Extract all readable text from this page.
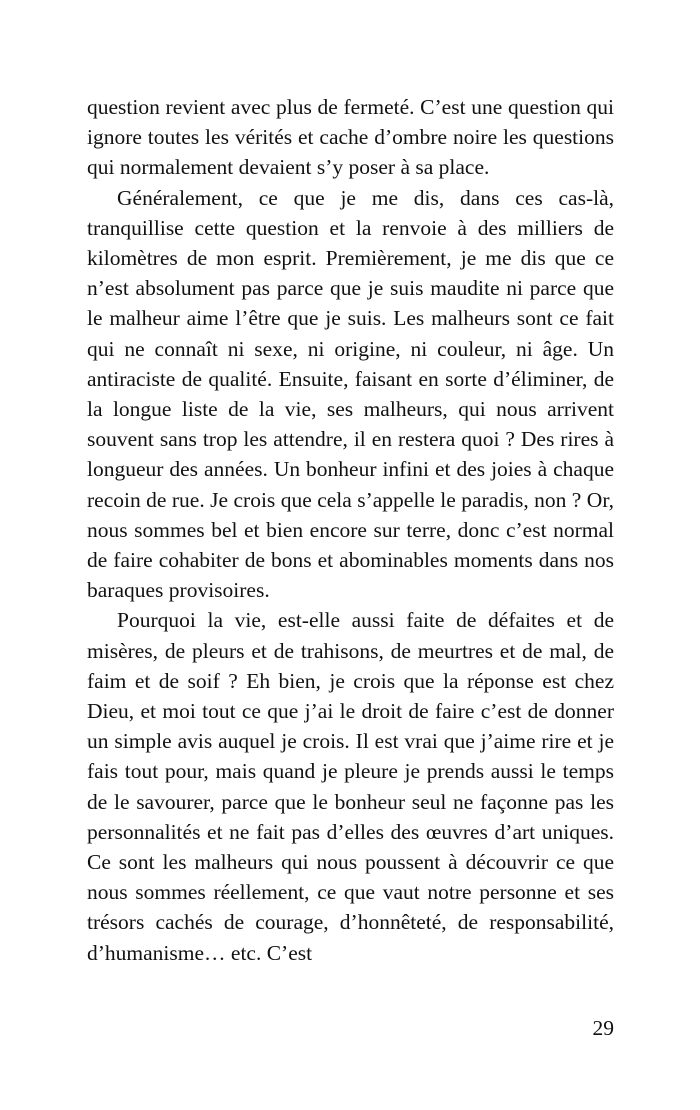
question revient avec plus de fermeté. C’est une question qui ignore toutes les vérités et cache d’ombre noire les questions qui normalement devaient s’y poser à sa place.

Généralement, ce que je me dis, dans ces cas-là, tranquillise cette question et la renvoie à des milliers de kilomètres de mon esprit. Premièrement, je me dis que ce n’est absolument pas parce que je suis maudite ni parce que le malheur aime l’être que je suis. Les malheurs sont ce fait qui ne connaît ni sexe, ni origine, ni couleur, ni âge. Un antiraciste de qualité. Ensuite, faisant en sorte d’éliminer, de la longue liste de la vie, ses malheurs, qui nous arrivent souvent sans trop les attendre, il en restera quoi ? Des rires à longueur des années. Un bonheur infini et des joies à chaque recoin de rue. Je crois que cela s’appelle le paradis, non ? Or, nous sommes bel et bien encore sur terre, donc c’est normal de faire cohabiter de bons et abominables moments dans nos baraques provisoires.

Pourquoi la vie, est-elle aussi faite de défaites et de misères, de pleurs et de trahisons, de meurtres et de mal, de faim et de soif ? Eh bien, je crois que la réponse est chez Dieu, et moi tout ce que j’ai le droit de faire c’est de donner un simple avis auquel je crois. Il est vrai que j’aime rire et je fais tout pour, mais quand je pleure je prends aussi le temps de le savourer, parce que le bonheur seul ne façonne pas les personnalités et ne fait pas d’elles des œuvres d’art uniques. Ce sont les malheurs qui nous poussent à découvrir ce que nous sommes réellement, ce que vaut notre personne et ses trésors cachés de courage, d’honnêteté, de responsabilité, d’humanisme… etc. C’est

29
